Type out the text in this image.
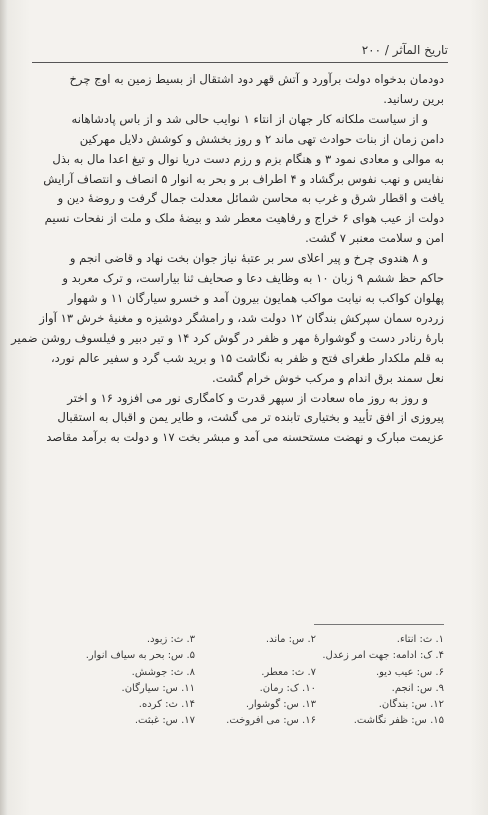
تاریخ المآثر / ۲۰۰
دودمان بدخواه دولت برآورد و آتش قهر دود اشتقال از بسیط زمین به اوج چرخ
برین رسانید.
و از سیاست ملکانه کار جهان از انتاء ۱ نوایب حالی شد و از باس پادشاهانه
دامن زمان از بنات حوادث تهی ماند ۲ و روز بخشش و کوشش دلایل مهرکین
به موالی و معادی نمود ۳ و هنگام بزم و رزم دست دریا نوال و تیغ اعدا مال به بذل
نفایس و نهب نفوس برگشاد و ۴ اطراف بر و بحر به انوار ۵ انصاف و انتصاف آرایش
یافت و اقطار شرق و غرب به محاسن شمائل معدلت جمال گرفت و روضهٔ دین و
دولت از عیب هوای ۶ خراج و رفاهیت معطر شد و بیضهٔ ملک و ملت از نفحات نسیم
امن و سلامت معنبر ۷ گشت.
و ۸ هندوی چرخ و پیر اعلای سر بر عتبهٔ نیاز جوان بخت نهاد و قاضی انجم و
حاکم حظ ششم ۹ زبان ۱۰ به وظایف دعا و صحایف ثنا بیاراست، و ترک معربد و
پهلوان کواکب به نیابت مواکب همایون بیرون آمد و خسرو سیارگان ۱۱ و شهوار
زردره سمان سپرکش بندگان ۱۲ دولت شد، و رامشگر دوشیزه و مغنیهٔ خرش ۱۳ آواز
بارهٔ رنادر دست و گوشوارهٔ مهر و ظفر در گوش کرد ۱۴ و تیر دبیر و فیلسوف روشن ضمیر
به قلم ملکدار طغرای فتح و ظفر به نگاشت ۱۵ و برید شب گرد و سفیر عالم نورد،
نعل سمند برق اندام و مرکب خوش خرام گشت.
و روز به روز ماه سعادت از سپهر قدرت و کامگاری نور می افزود ۱۶ و اختر
پیروزی از افق تأیید و بختیاری تابنده تر می گشت، و طایر یمن و اقبال به استقبال
عزیمت مبارک و نهضت مستحسنه می آمد و مبشر بخت ۱۷ و دولت به برآمد مقاصد
۱. ث: انتاء.
۲. س: ماند.
۳. ث: زبود.
۴. ک: ادامه: جهت امر زعدل.
۵. س: بحر به سیاف انوار.
۶. س: عیب دیو.
۷. ث: معطر.
۸. ث: جوشش.
۹. س: انجم.
۱۰. ک: رمان.
۱۱. س: سیارگان.
۱۲. س: بندگان.
۱۳. س: گوشوار.
۱۴. ث: کرده.
۱۵. س: ظفر نگاشت.
۱۶. س: می افروخت.
۱۷. س: غبثت.
